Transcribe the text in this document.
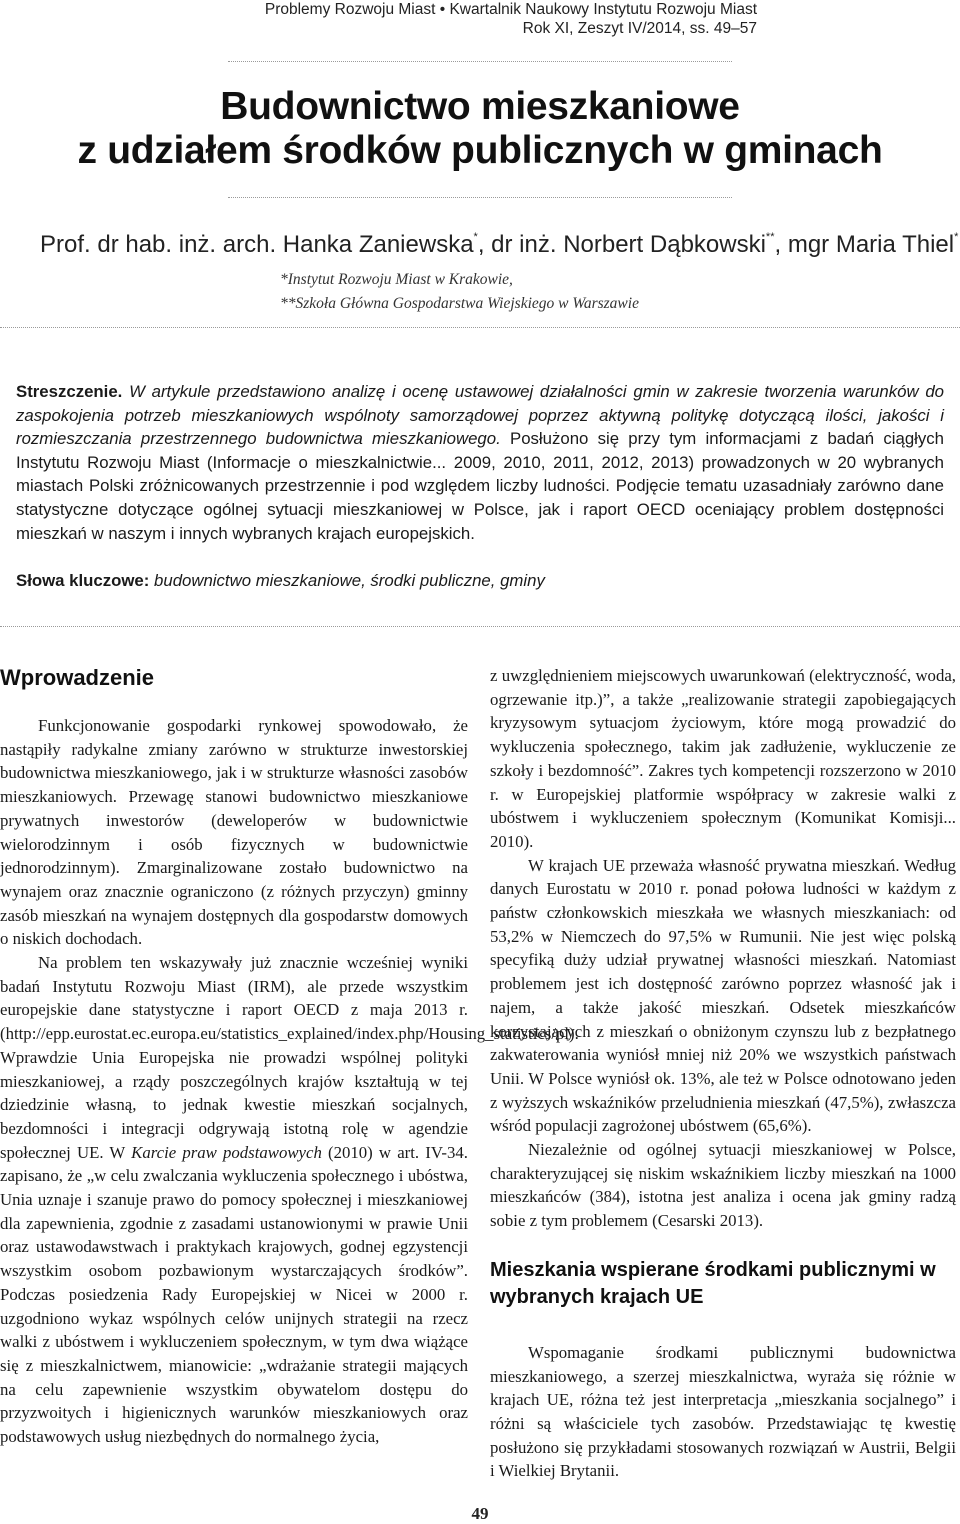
Problemy Rozwoju Miast • Kwartalnik Naukowy Instytutu Rozwoju Miast
Rok XI, Zeszyt IV/2014, ss. 49–57
Budownictwo mieszkaniowe
z udziałem środków publicznych w gminach
Prof. dr hab. inż. arch. Hanka Zaniewska*, dr inż. Norbert Dąbkowski**, mgr Maria Thiel*
*Instytut Rozwoju Miast w Krakowie,
**Szkoła Główna Gospodarstwa Wiejskiego w Warszawie
Streszczenie. W artykule przedstawiono analizę i ocenę ustawowej działalności gmin w zakresie tworzenia warunków do zaspokojenia potrzeb mieszkaniowych wspólnoty samorządowej poprzez aktywną politykę dotyczącą ilości, jakości i rozmieszczania przestrzennego budownictwa mieszkaniowego. Posłużono się przy tym informacjami z badań ciągłych Instytutu Rozwoju Miast (Informacje o mieszkalnictwie... 2009, 2010, 2011, 2012, 2013) prowadzonych w 20 wybranych miastach Polski zróżnicowanych przestrzennie i pod względem liczby ludności. Podjęcie tematu uzasadniały zarówno dane statystyczne dotyczące ogólnej sytuacji mieszkaniowej w Polsce, jak i raport OECD oceniający problem dostępności mieszkań w naszym i innych wybranych krajach europejskich.
Słowa kluczowe: budownictwo mieszkaniowe, środki publiczne, gminy
Wprowadzenie

Funkcjonowanie gospodarki rynkowej spowodowało, że nastąpiły radykalne zmiany zarówno w strukturze inwestorskiej budownictwa mieszkaniowego, jak i w strukturze własności zasobów mieszkaniowych. Przewagę stanowi budownictwo mieszkaniowe prywatnych inwestorów (deweloperów w budownictwie wielorodzinnym i osób fizycznych w budownictwie jednorodzinnym). Zmarginalizowane zostało budownictwo na wynajem oraz znacznie ograniczono (z różnych przyczyn) gminny zasób mieszkań na wynajem dostępnych dla gospodarstw domowych o niskich dochodach.

Na problem ten wskazywały już znacznie wcześniej wyniki badań Instytutu Rozwoju Miast (IRM), ale przede wszystkim europejskie dane statystyczne i raport OECD z maja 2013 r. (http://epp.eurostat.ec.europa.eu/statistics_explained/index.php/Housing_statistics/pl). Wprawdzie Unia Europejska nie prowadzi wspólnej polityki mieszkaniowej, a rządy poszczególnych krajów kształtują w tej dziedzinie własną, to jednak kwestie mieszkań socjalnych, bezdomności i integracji odgrywają istotną rolę w agendzie społecznej UE. W Karcie praw podstawowych (2010) w art. IV-34. zapisano, że „w celu zwalczania wykluczenia społecznego i ubóstwa, Unia uznaje i szanuje prawo do pomocy społecznej i mieszkaniowej dla zapewnienia, zgodnie z zasadami ustanowionymi w prawie Unii oraz ustawodawstwach i praktykach krajowych, godnej egzystencji wszystkim osobom pozbawionym wystarczających środków”. Podczas posiedzenia Rady Europejskiej w Nicei w 2000 r. uzgodniono wykaz wspólnych celów unijnych strategii na rzecz walki z ubóstwem i wykluczeniem społecznym, w tym dwa wiążące się z mieszkalnictwem, mianowicie: „wdrażanie strategii mających na celu zapewnienie wszystkim obywatelom dostępu do przyzwoitych i higienicznych warunków mieszkaniowych oraz podstawowych usług niezbędnych do normalnego życia,

z uwzględnieniem miejscowych uwarunkowań (elektryczność, woda, ogrzewanie itp.)”, a także „realizowanie strategii zapobiegających kryzysowym sytuacjom życiowym, które mogą prowadzić do wykluczenia społecznego, takim jak zadłużenie, wykluczenie ze szkoły i bezdomność”. Zakres tych kompetencji rozszerzono w 2010 r. w Europejskiej platformie współpracy w zakresie walki z ubóstwem i wykluczeniem społecznym (Komunikat Komisji... 2010).

W krajach UE przeważa własność prywatna mieszkań. Według danych Eurostatu w 2010 r. ponad połowa ludności w każdym z państw członkowskich mieszkała we własnych mieszkaniach: od 53,2% w Niemczech do 97,5% w Rumunii. Nie jest więc polską specyfiką duży udział prywatnej własności mieszkań. Natomiast problemem jest ich dostępność zarówno poprzez własność jak i najem, a także jakość mieszkań. Odsetek mieszkańców korzystających z mieszkań o obniżonym czynszu lub z bezpłatnego zakwaterowania wyniósł mniej niż 20% we wszystkich państwach Unii. W Polsce wyniósł ok. 13%, ale też w Polsce odnotowano jeden z wyższych wskaźników przeludnienia mieszkań (47,5%), zwłaszcza wśród populacji zagrożonej ubóstwem (65,6%).

Niezależnie od ogólnej sytuacji mieszkaniowej w Polsce, charakteryzującej się niskim wskaźnikiem liczby mieszkań na 1000 mieszkańców (384), istotna jest analiza i ocena jak gminy radzą sobie z tym problemem (Cesarski 2013).

Mieszkania wspierane środkami publicznymi w wybranych krajach UE

Wspomaganie środkami publicznymi budownictwa mieszkaniowego, a szerzej mieszkalnictwa, wyraża się różnie w krajach UE, różna też jest interpretacja „mieszkania socjalnego” i różni są właściciele tych zasobów. Przedstawiając tę kwestię posłużono się przykładami stosowanych rozwiązań w Austrii, Belgii i Wielkiej Brytanii.

49
